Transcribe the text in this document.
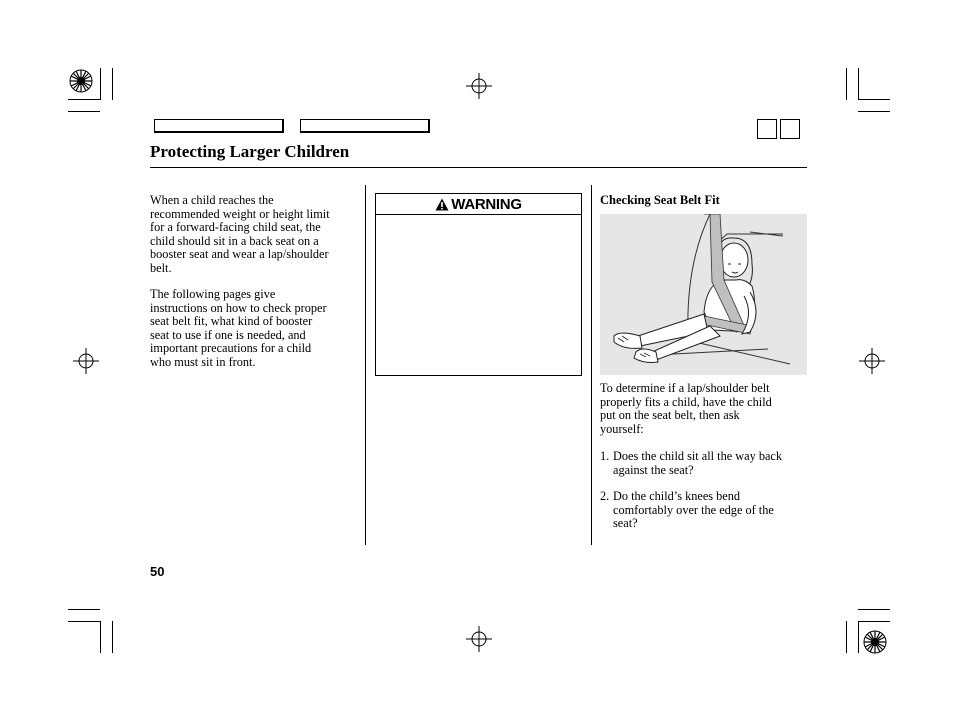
Protecting Larger Children
When a child reaches the
recommended weight or height limit
for a forward-facing child seat, the
child should sit in a back seat on a
booster seat and wear a lap/shoulder
belt.
The following pages give
instructions on how to check proper
seat belt fit, what kind of booster
seat to use if one is needed, and
important precautions for a child
who must sit in front.
WARNING	Checking Seat Belt Fit
To determine if a lap/shoulder belt
properly fits a child, have the child
put on the seat belt, then ask
yourself:
1. Does the child sit all the way back
against the seat?
2. Do the child’s knees bend
comfortably over the edge of the
seat?
50
